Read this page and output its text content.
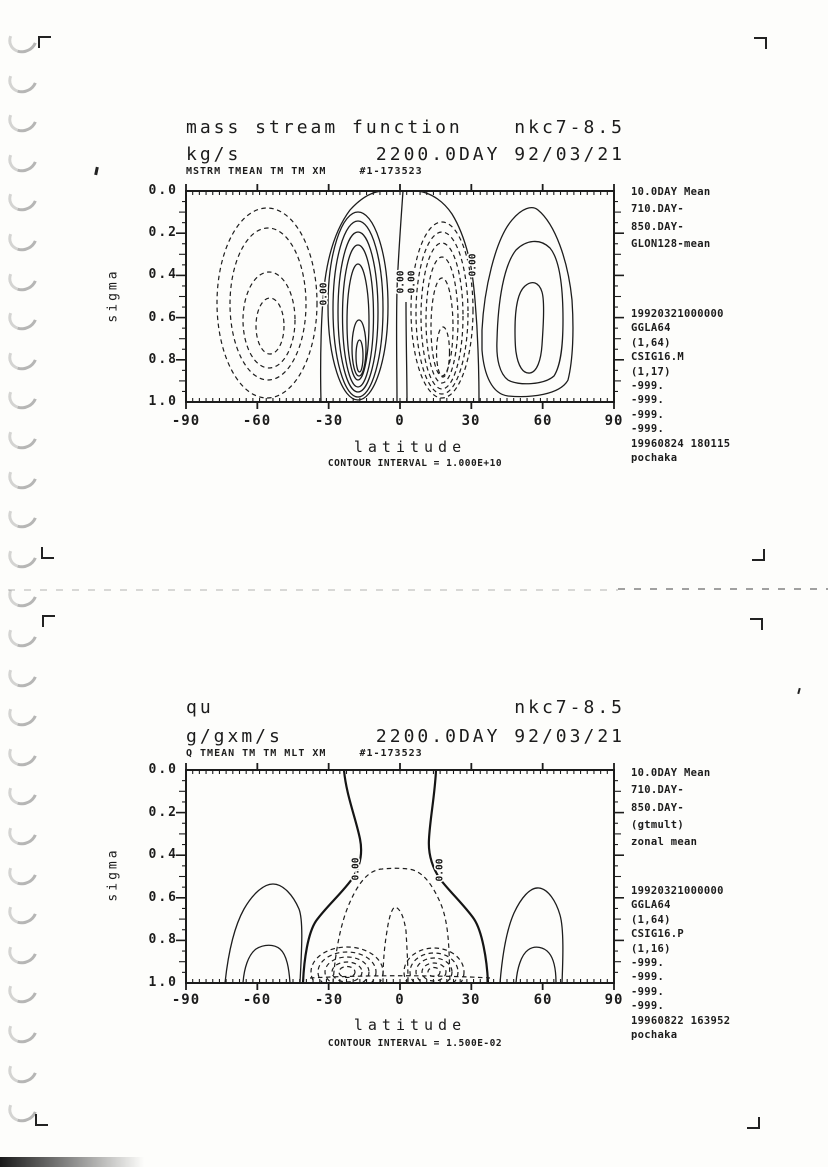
mass stream function	nkc7-8.5
kg/s	2200.0DAY 92/03/21
MSTRM TMEAN TM TM XM	#1-173523
0.00
0.00 0.00
0.00
0.0
0.2
0.4
0.6
0.8
1.0
sigma
-90	-60	-30	0	30	60	90
latitude
CONTOUR INTERVAL = 1.000E+10
10.0DAY Mean
710.DAY-
850.DAY-
GLON128-mean
19920321000000
GGLA64
(1,64)
CSIG16.M
(1,17)
-999.
-999.
-999.
-999.
19960824 180115
pochaka
qu	nkc7-8.5
g/gxm/s	2200.0DAY 92/03/21
Q TMEAN TM TM MLT XM	#1-173523
0.00	0.00
0.0
0.2
0.4
0.6
0.8
1.0
sigma
-90	-60	-30	0	30	60	90
latitude
CONTOUR INTERVAL = 1.500E-02
10.0DAY Mean
710.DAY-
850.DAY-
(gtmult)
zonal mean
19920321000000
GGLA64
(1,64)
CSIG16.P
(1,16)
-999.
-999.
-999.
-999.
19960822 163952
pochaka
